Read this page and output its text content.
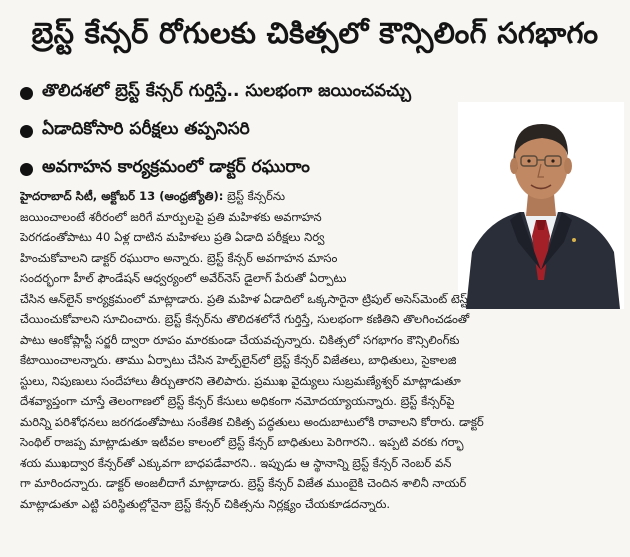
బ్రెస్ట్ కేన్సర్ రోగులకు చికిత్సలో కౌన్సిలింగ్ సగభాగం
తొలిదశలో బ్రెస్ట్ కేన్సర్ గుర్తిస్తే.. సులభంగా జయించవచ్చు
ఏడాదికోసారి పరీక్షలు తప్పనిసరి
అవగాహన కార్యక్రమంలో డాక్టర్ రఘురాం
హైదరాబాద్ సిటీ, అక్టోబర్ 13 (ఆంధ్రజ్యోతి): బ్రెస్ట్ కేన్సర్‌ను
జయించాలంటే శరీరంలో జరిగే మార్పులపై ప్రతి మహిళకు అవగాహన
పెరగడంతోపాటు 40 ఏళ్ల దాటిన మహిళలు ప్రతి ఏడాది పరీక్షలు నిర్వ
హించుకోవాలని డాక్టర్ రఘురాం అన్నారు. బ్రెస్ట్ కేన్సర్ అవగాహన మాసం
సందర్భంగా హీల్ ఫౌండేషన్ ఆధ్వర్యంలో అవేర్‌నెస్ డైలాగ్ పేరుతో ఏర్పాటు
చేసిన ఆన్‌లైన్ కార్యక్రమంలో మాట్లాడారు. ప్రతి మహిళ ఏడాదిలో ఒక్కసారైనా ట్రిపుల్ అసెస్‌మెంట్ టెస్ట్
చేయించుకోవాలని సూచించారు. బ్రెస్ట్ కేన్సర్‌ను తొలిదశలోనే గుర్తిస్తే, సులభంగా కణితిని తొలగించడంతో
పాటు ఆంకోప్లాస్టీ సర్జరీ ద్వారా రూపం మారకుండా చేయవచ్చన్నారు. చికిత్సలో సగభాగం కౌన్సిలింగ్‌కు
కేటాయించాలన్నారు. తాము ఏర్పాటు చేసిన హెల్ప్‌లైన్‌లో బ్రెస్ట్ కేన్సర్ విజేతలు, బాధితులు, సైకాలజి
స్టులు, నిపుణులు సందేహాలు తీర్చుతారని తెలిపారు. ప్రముఖ వైద్యులు సుబ్రమణ్యేశ్వర్ మాట్లాడుతూ
దేశవ్యాప్తంగా చూస్తే తెలంగాణలో బ్రెస్ట్ కేన్సర్ కేసులు అధికంగా నమోదయ్యాయన్నారు. బ్రెస్ట్ కేన్సర్‌పై
మరిన్ని పరిశోధనలు జరగడంతోపాటు సంకేతిక చికిత్స పద్ధతులు అందుబాటులోకి రావాలని కోరారు. డాక్టర్
సెంథిల్ రాజప్ప మాట్లాడుతూ ఇటీవల కాలంలో బ్రెస్ట్ కేన్సర్ బాధితులు పెరిగారని.. ఇప్పటి వరకు గర్భా
శయ ముఖద్వార కేన్సర్‌తో ఎక్కువగా బాధపడేవారని.. ఇప్పుడు ఆ స్థానాన్ని బ్రెస్ట్ కేన్సర్ నెంబర్ వన్
గా మారిందన్నారు. డాక్టర్ అంజలీదాగే మాట్లాడారు. బ్రెస్ట్ కేన్సర్ విజేత ముంబైకి చెందిన శాలినీ నాయర్
మాట్లాడుతూ ఎట్టి పరిస్థితుల్లోనైనా బ్రెస్ట్ కేన్సర్ చికిత్సను నిర్లక్ష్యం చేయకూడదన్నారు.
